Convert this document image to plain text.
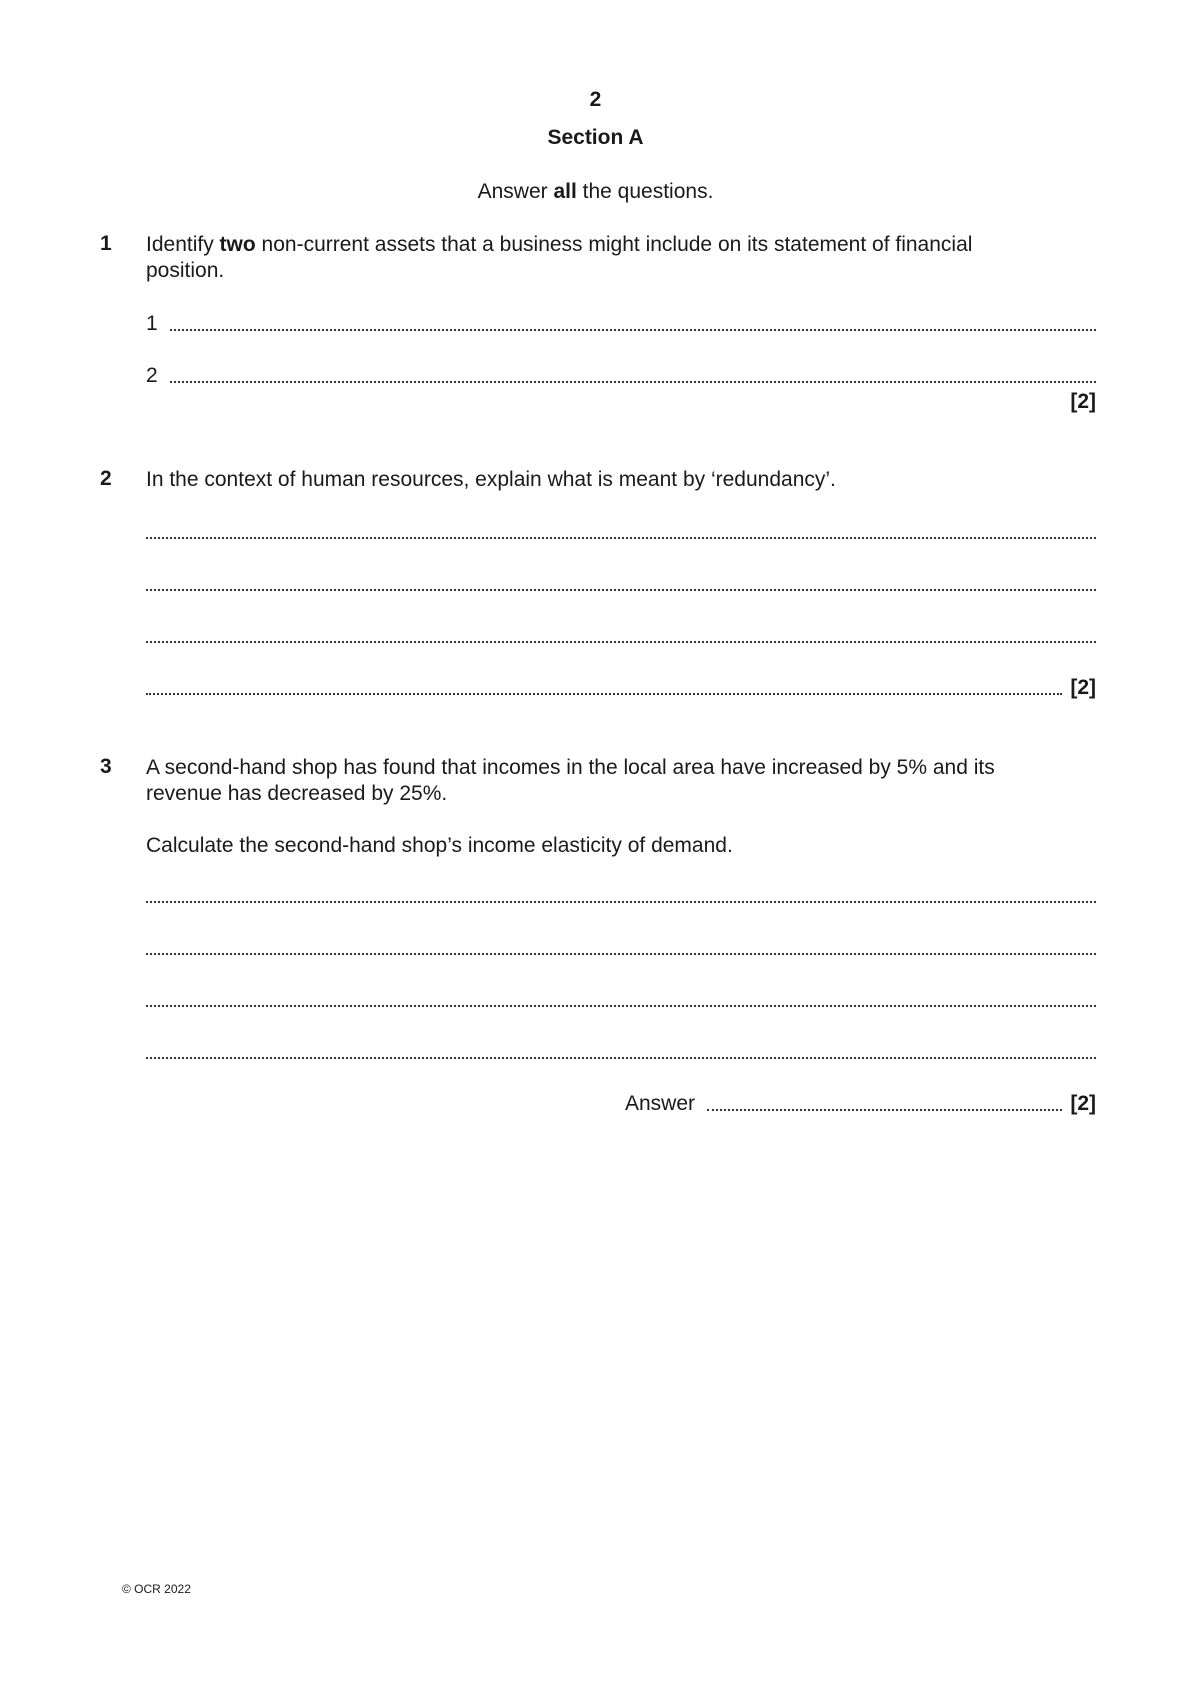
2
Section A
Answer all the questions.
1 Identify two non-current assets that a business might include on its statement of financial position.
1
2
[2]
2 In the context of human resources, explain what is meant by ‘redundancy’.
[2]
3 A second-hand shop has found that incomes in the local area have increased by 5% and its revenue has decreased by 25%.
Calculate the second-hand shop’s income elasticity of demand.
Answer	[2]
© OCR 2022
